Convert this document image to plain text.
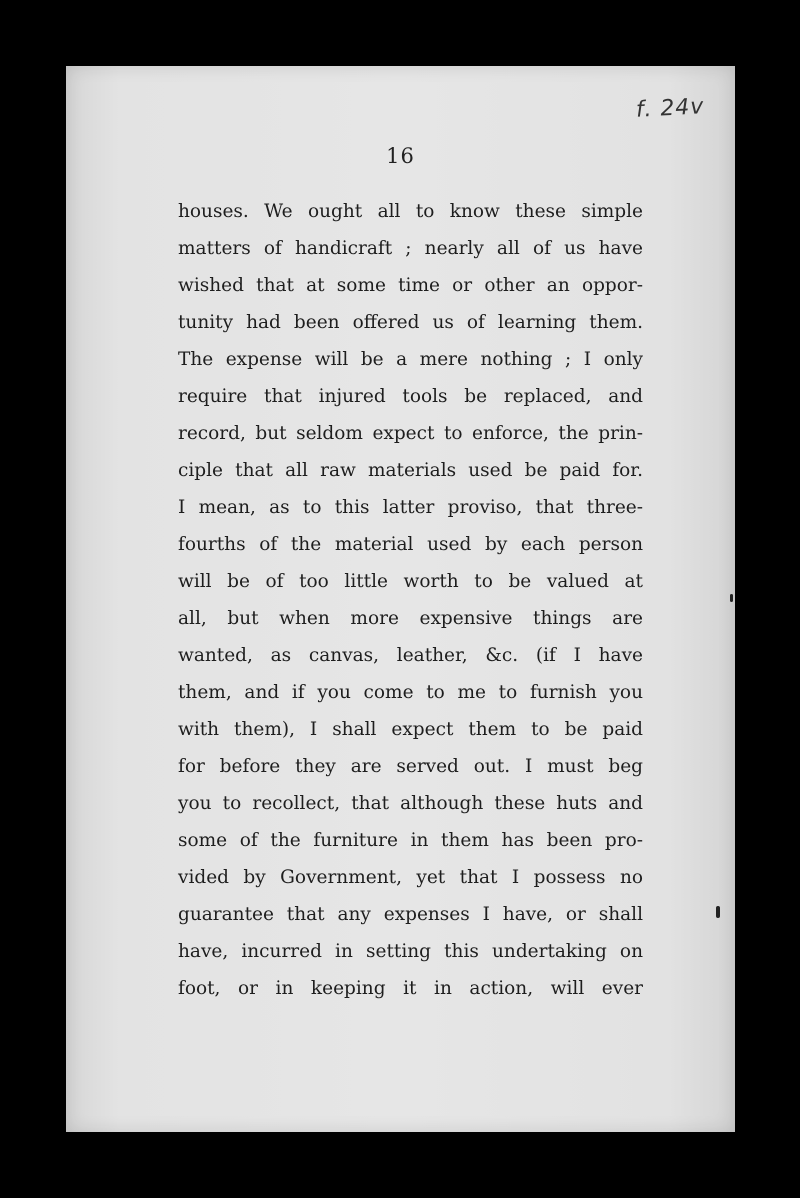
f. 24v
16
houses. We ought all to know these simple
matters of handicraft ; nearly all of us have
wished that at some time or other an oppor-
tunity had been offered us of learning them.
The expense will be a mere nothing ; I only
require that injured tools be replaced, and
record, but seldom expect to enforce, the prin-
ciple that all raw materials used be paid for.
I mean, as to this latter proviso, that three-
fourths of the material used by each person
will be of too little worth to be valued at
all, but when more expensive things are
wanted, as canvas, leather, &c. (if I have
them, and if you come to me to furnish you
with them), I shall expect them to be paid
for before they are served out. I must beg
you to recollect, that although these huts and
some of the furniture in them has been pro-
vided by Government, yet that I possess no
guarantee that any expenses I have, or shall
have, incurred in setting this undertaking on
foot, or in keeping it in action, will ever
